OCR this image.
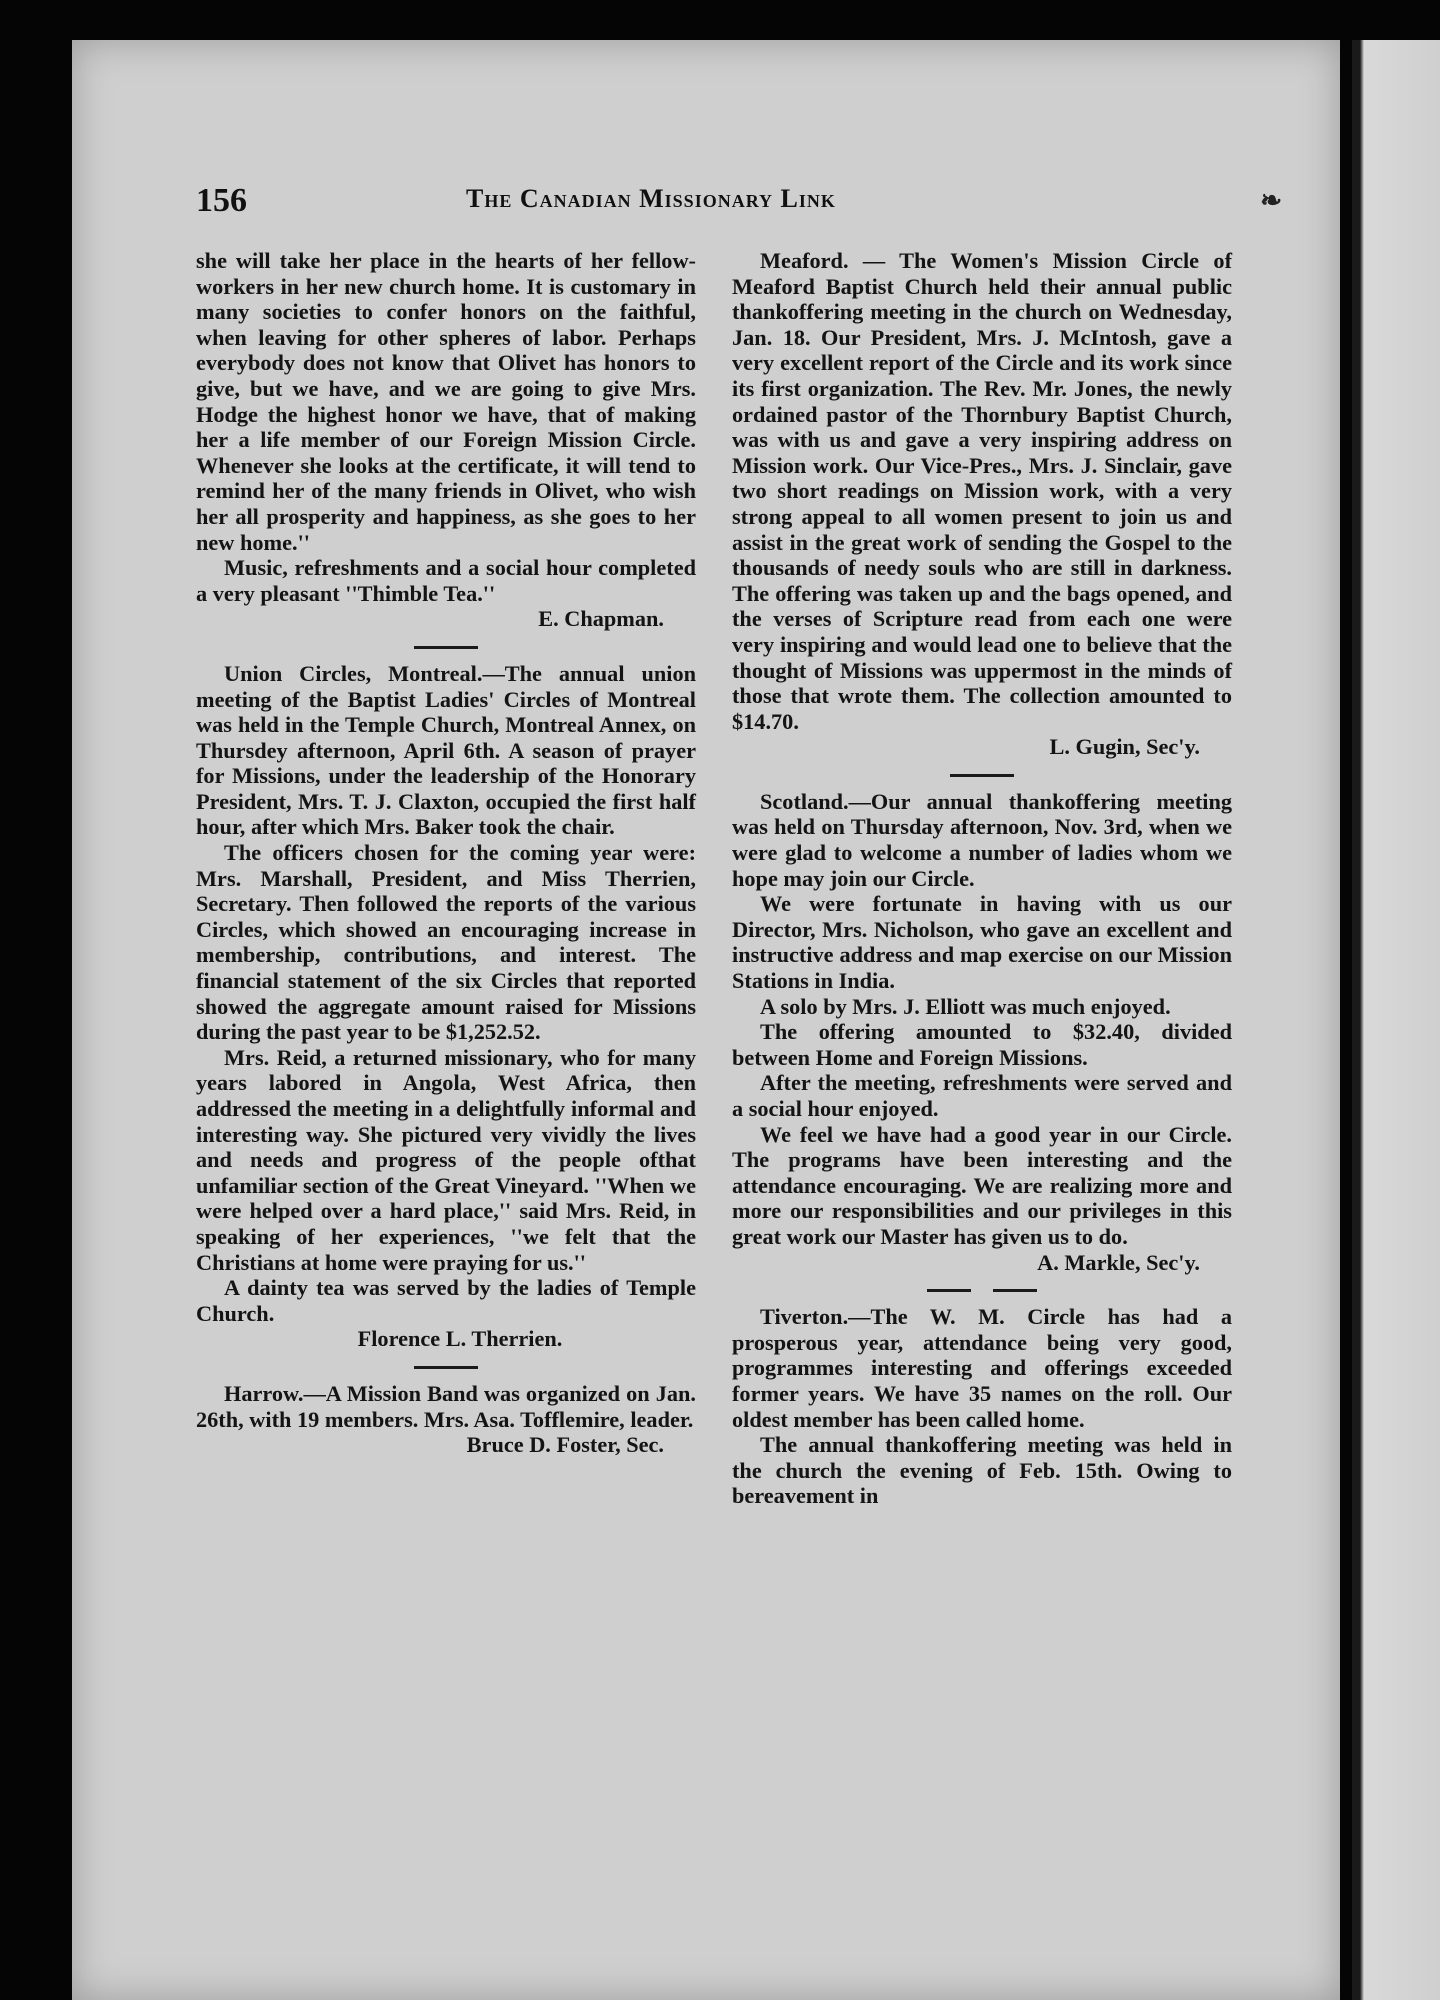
156	The Canadian Missionary Link	❧

she will take her place in the hearts of her fellow-workers in her new church home. It is customary in many societies to confer honors on the faithful, when leaving for other spheres of labor. Perhaps everybody does not know that Olivet has honors to give, but we have, and we are going to give Mrs. Hodge the highest honor we have, that of making her a life member of our Foreign Mission Circle. Whenever she looks at the certificate, it will tend to remind her of the many friends in Olivet, who wish her all prosperity and happiness, as she goes to her new home.''

Music, refreshments and a social hour completed a very pleasant ''Thimble Tea.''

E. Chapman.

Union Circles, Montreal.—The annual union meeting of the Baptist Ladies' Circles of Montreal was held in the Temple Church, Montreal Annex, on Thursdey afternoon, April 6th. A season of prayer for Missions, under the leadership of the Honorary President, Mrs. T. J. Claxton, occupied the first half hour, after which Mrs. Baker took the chair.

The officers chosen for the coming year were: Mrs. Marshall, President, and Miss Therrien, Secretary. Then followed the reports of the various Circles, which showed an encouraging increase in membership, contributions, and interest. The financial statement of the six Circles that reported showed the aggregate amount raised for Missions during the past year to be $1,252.52.

Mrs. Reid, a returned missionary, who for many years labored in Angola, West Africa, then addressed the meeting in a delightfully informal and interesting way. She pictured very vividly the lives and needs and progress of the people ofthat unfamiliar section of the Great Vineyard. ''When we were helped over a hard place,'' said Mrs. Reid, in speaking of her experiences, ''we felt that the Christians at home were praying for us.''

A dainty tea was served by the ladies of Temple Church.

Florence L. Therrien.

Harrow.—A Mission Band was organized on Jan. 26th, with 19 members. Mrs. Asa. Tofflemire, leader.

Bruce D. Foster, Sec.

Meaford. — The Women's Mission Circle of Meaford Baptist Church held their annual public thankoffering meeting in the church on Wednesday, Jan. 18. Our President, Mrs. J. McIntosh, gave a very excellent report of the Circle and its work since its first organization. The Rev. Mr. Jones, the newly ordained pastor of the Thornbury Baptist Church, was with us and gave a very inspiring address on Mission work. Our Vice-Pres., Mrs. J. Sinclair, gave two short readings on Mission work, with a very strong appeal to all women present to join us and assist in the great work of sending the Gospel to the thousands of needy souls who are still in darkness. The offering was taken up and the bags opened, and the verses of Scripture read from each one were very inspiring and would lead one to believe that the thought of Missions was uppermost in the minds of those that wrote them. The collection amounted to $14.70.

L. Gugin, Sec'y.

Scotland.—Our annual thankoffering meeting was held on Thursday afternoon, Nov. 3rd, when we were glad to welcome a number of ladies whom we hope may join our Circle.

We were fortunate in having with us our Director, Mrs. Nicholson, who gave an excellent and instructive address and map exercise on our Mission Stations in India.

A solo by Mrs. J. Elliott was much enjoyed.

The offering amounted to $32.40, divided between Home and Foreign Missions.

After the meeting, refreshments were served and a social hour enjoyed.

We feel we have had a good year in our Circle. The programs have been interesting and the attendance encouraging. We are realizing more and more our responsibilities and our privileges in this great work our Master has given us to do.

A. Markle, Sec'y.

Tiverton.—The W. M. Circle has had a prosperous year, attendance being very good, programmes interesting and offerings exceeded former years. We have 35 names on the roll. Our oldest member has been called home.

The annual thankoffering meeting was held in the church the evening of Feb. 15th. Owing to bereavement in
